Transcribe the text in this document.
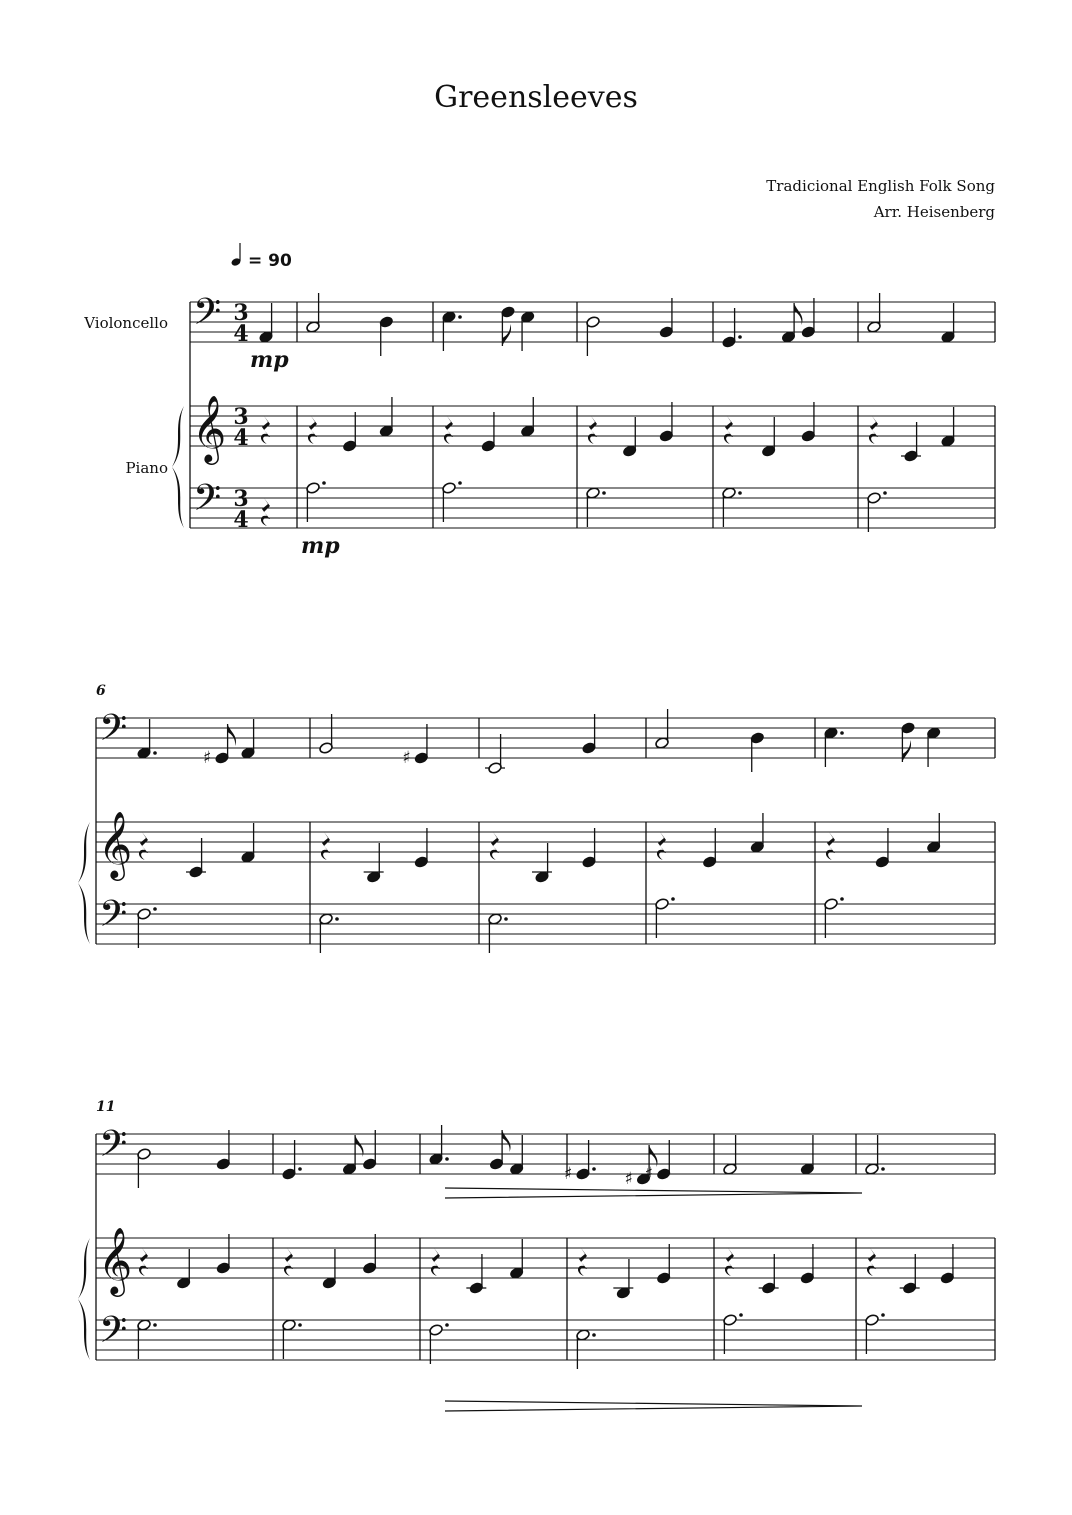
Greensleeves
Tradicional English Folk Song
Arr. Heisenberg
𝄢
𝄞
𝄢
3
4
3
4
3
4
Violoncello
Piano
= 90
mp
mp
𝄢
𝄞
𝄢
6
♯	♯
𝄢
𝄞
𝄢
11
♯	♯ ♯
